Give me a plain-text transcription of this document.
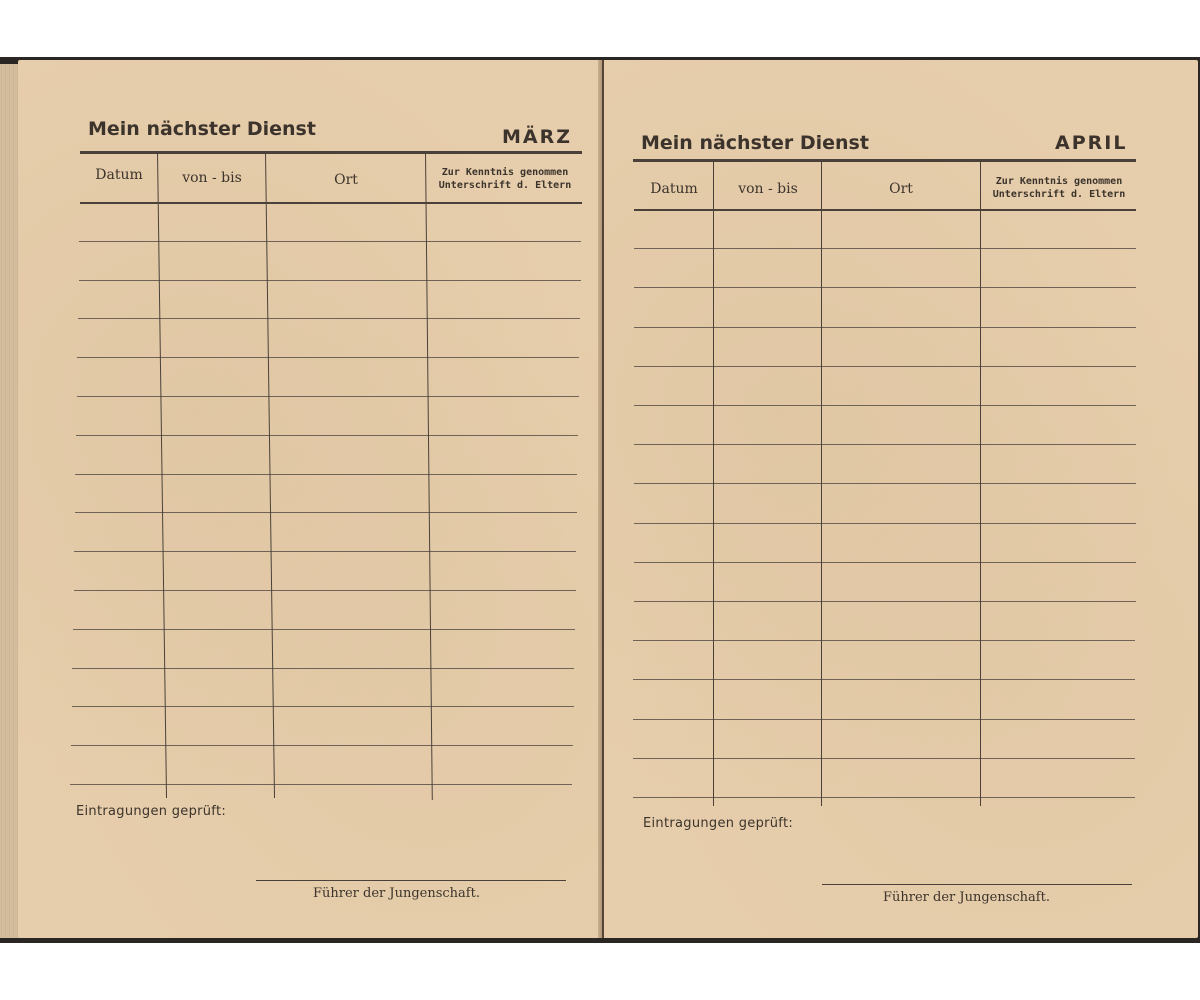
Mein nächster Dienst	MÄRZ
Datum	von - bis	Ort	Zur Kenntnis genommen
Unterschrift d. Eltern
Eintragungen geprüft:
Führer der Jungenschaft.
Mein nächster Dienst	APRIL
Datum	von - bis	Ort	Zur Kenntnis genommen
Unterschrift d. Eltern
Eintragungen geprüft:
Führer der Jungenschaft.
